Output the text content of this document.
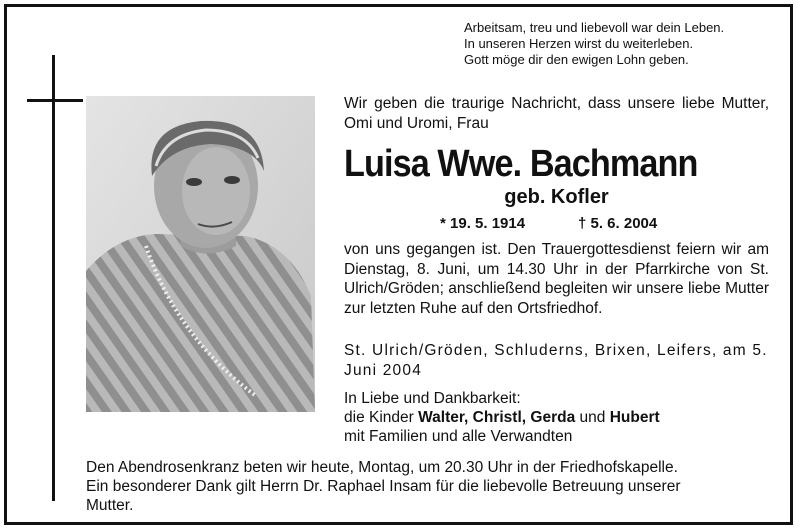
Arbeitsam, treu und liebevoll war dein Leben.
In unseren Herzen wirst du weiterleben.
Gott möge dir den ewigen Lohn geben.
Wir geben die traurige Nachricht, dass unsere liebe Mutter, Omi und Uromi, Frau
Luisa Wwe. Bachmann
geb. Kofler
* 19. 5. 1914	† 5. 6. 2004

von uns gegangen ist. Den Trauergottesdienst feiern wir am Dienstag, 8. Juni, um 14.30 Uhr in der Pfarrkirche von St. Ulrich/Gröden; anschließend begleiten wir unsere liebe Mutter zur letzten Ruhe auf den Ortsfriedhof.

St. Ulrich/Gröden, Schluderns, Brixen, Leifers, am 5. Juni 2004
In Liebe und Dankbarkeit:
die Kinder Walter, Christl, Gerda und Hubert
mit Familien und alle Verwandten
Den Abendrosenkranz beten wir heute, Montag, um 20.30 Uhr in der Friedhofskapelle.
Ein besonderer Dank gilt Herrn Dr. Raphael Insam für die liebevolle Betreuung unserer
Mutter.
